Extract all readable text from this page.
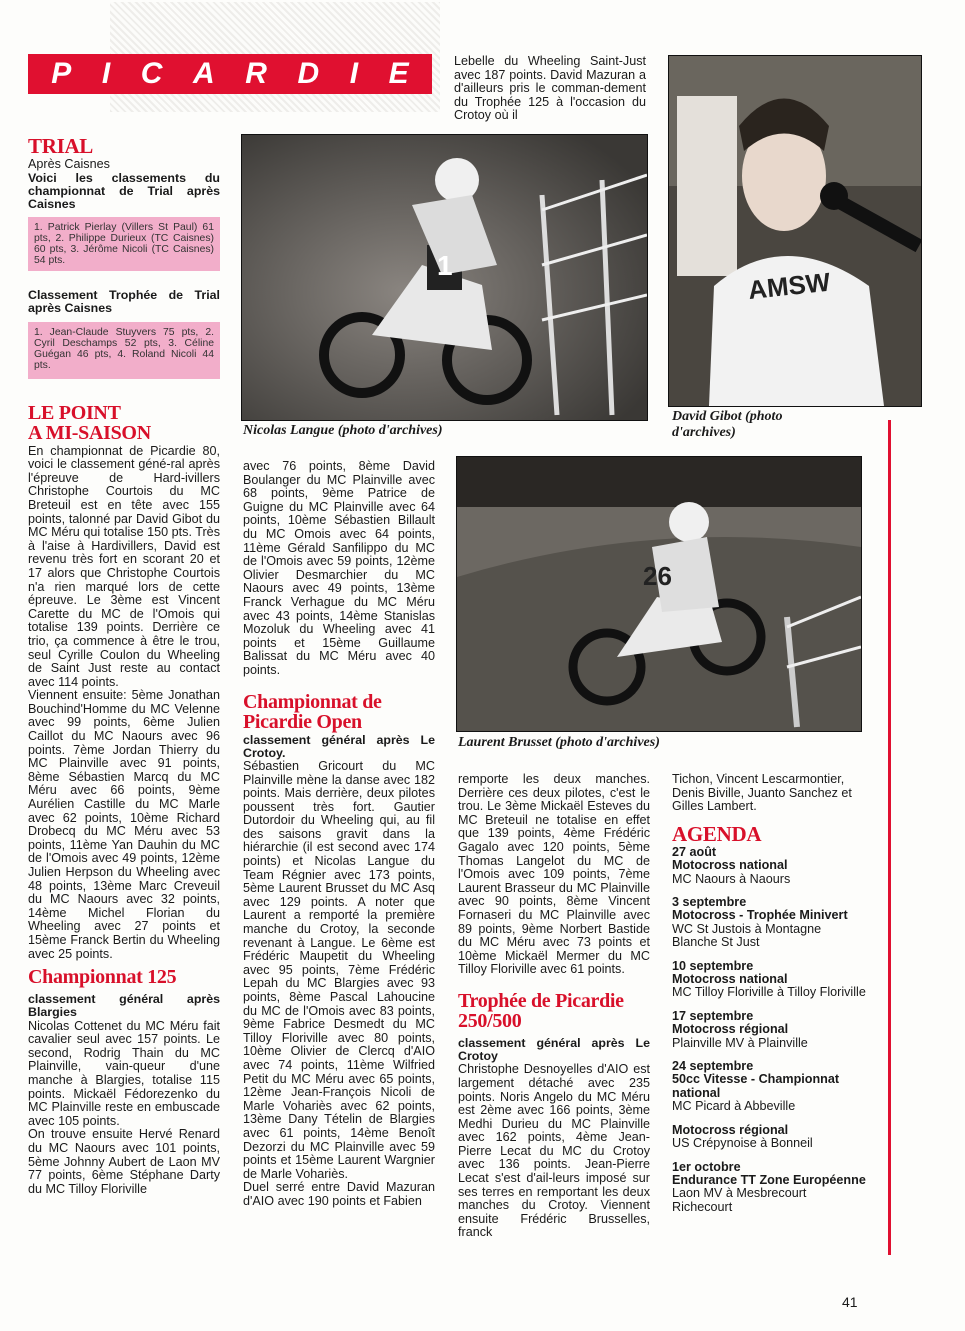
P I C A R D I E
TRIAL

Après Caisnes

Voici les classements du championnat de Trial après Caisnes

1. Patrick Pierlay (Villers St Paul) 61 pts, 2. Philippe Durieux (TC Caisnes) 60 pts, 3. Jérôme Nicoli (TC Caisnes) 54 pts.

Classement Trophée de Trial après Caisnes

1. Jean-Claude Stuyvers 75 pts, 2. Cyril Deschamps 52 pts, 3. Céline Guégan 46 pts, 4. Roland Nicoli 44 pts.
LE POINT
A MI-SAISON

En championnat de Picardie 80, voici le classement géné-ral après l'épreuve de Hard-ivillers Christophe Courtois du MC Breteuil est en tête avec 155 points, talonné par David Gibot du MC Méru qui totalise 150 pts. Très à l'aise à Hardivillers, David est revenu très fort en scorant 20 et 17 alors que Christophe Courtois n'a rien marqué lors de cette épreuve. Le 3ème est Vincent Carette du MC de l'Omois qui totalise 139 points. Derrière ce trio, ça commence à être le trou, seul Cyrille Coulon du Wheeling de Saint Just reste au contact avec 114 points.

Viennent ensuite: 5ème Jonathan Bouchind'Homme du MC Velenne avec 99 points, 6ème Julien Caillot du MC Naours avec 96 points. 7ème Jordan Thierry du MC Plainville avec 91 points, 8ème Sébastien Marcq du MC Méru avec 66 points, 9ème Aurélien Castille du MC Marle avec 62 points, 10ème Richard Drobecq du MC Méru avec 53 points, 11ème Yan Dauhin du MC de l'Omois avec 49 points, 12ème Julien Herpson du Wheeling avec 48 points, 13ème Marc Creveuil du MC Naours avec 32 points, 14ème Michel Florian du Wheeling avec 27 points et 15ème Franck Bertin du Wheeling avec 25 points.

Championnat 125

classement général après Blargies

Nicolas Cottenet du MC Méru fait cavalier seul avec 157 points. Le second, Rodrig Thain du MC Plainville, vain-queur d'une manche à Blargies, totalise 115 points. Mickaël Fédorezenko du MC Plainville reste en embuscade avec 105 points.

On trouve ensuite Hervé Renard du MC Naours avec 101 points, 5ème Johnny Aubert de Laon MV 77 points, 6ème Stéphane Darty du MC Tilloy Floriville

Lebelle du Wheeling Saint-Just avec 187 points. David Mazuran a d'ailleurs pris le comman-dement du Trophée 125 à l'occasion du Crotoy où il

1
Nicolas Langue (photo d'archives)
AMSW
David Gibot (photo
d'archives)
26
Laurent Brusset (photo d'archives)

avec 76 points, 8ème David Boulanger du MC Plainville avec 68 points, 9ème Patrice de Guigne du MC Plainville avec 64 points, 10ème Sébastien Billault du MC Omois avec 64 points, 11ème Gérald Sanfilippo du MC de l'Omois avec 59 points, 12ème Olivier Desmarchier du MC Naours avec 49 points, 13ème Franck Verhague du MC Méru avec 43 points, 14ème Stanislas Mozoluk du Wheeling avec 41 points et 15ème Guillaume Balissat du MC Méru avec 40 points.

Championnat de
Picardie Open

classement général après Le Crotoy.

Sébastien Gricourt du MC Plainville mène la danse avec 182 points. Mais derrière, deux pilotes poussent très fort. Gautier Dutordoir du Wheeling qui, au fil des saisons gravit dans la hiérarchie (il est second avec 174 points) et Nicolas Langue du Team Régnier avec 173 points, 5ème Laurent Brusset du MC Asq avec 129 points. A noter que Laurent a remporté la première manche du Crotoy, la seconde revenant à Langue. Le 6ème est Frédéric Maupetit du Wheeling avec 95 points, 7ème Frédéric Lepah du MC Blargies avec 93 points, 8ème Pascal Lahoucine du MC de l'Omois avec 83 points, 9ème Fabrice Desmedt du MC Tilloy Floriville avec 80 points, 10ème Olivier de Clercq d'AIO avec 74 points, 11ème Wilfried Petit du MC Méru avec 65 points, 12ème Jean-François Nicoli de Marle Vohariès avec 62 points, 13ème Dany Tételin de Blargies avec 61 points, 14ème Benoît Dezorzi du MC Plainville avec 59 points et 15ème Laurent Wargnier de Marle Vohariès.

Duel serré entre David Mazuran d'AIO avec 190 points et Fabien

remporte les deux manches. Derrière ces deux pilotes, c'est le trou. Le 3ème Mickaël Esteves du MC Breteuil ne totalise en effet que 139 points, 4ème Frédéric Gagalo avec 120 points, 5ème Thomas Langelot du MC de l'Omois avec 109 points, 7ème Laurent Brasseur du MC Plainville avec 90 points, 8ème Vincent Fornaseri du MC Plainville avec 89 points, 9ème Norbert Bastide du MC Méru avec 73 points et 10ème Mickaël Mermer du MC Tilloy Floriville avec 61 points.

Trophée de Picardie
250/500

classement général après Le Crotoy

Christophe Desnoyelles d'AIO est largement détaché avec 235 points. Noris Angelo du MC Méru est 2ème avec 166 points, 3ème Medhi Durieu du MC Plainville avec 162 points, 4ème Jean-Pierre Lecat du MC du Crotoy avec 136 points. Jean-Pierre Lecat s'est d'ail-leurs imposé sur ses terres en remportant les deux manches du Crotoy. Viennent ensuite Frédéric Brusselles, franck

Tichon, Vincent Lescarmontier, Denis Biville, Juanto Sanchez et Gilles Lambert.

AGENDA
27 août
Motocross national
MC Naours à Naours
3 septembre
Motocross - Trophée Minivert
WC St Justois à Montagne Blanche St Just
10 septembre
Motocross national
MC Tilloy Floriville à Tilloy Floriville
17 septembre
Motocross régional
Plainville MV à Plainville
24 septembre
50cc Vitesse - Championnat national
MC Picard à Abbeville
Motocross régional
US Crépynoise à Bonneil
1er octobre
Endurance TT Zone Européenne
Laon MV à Mesbrecourt Richecourt
41
